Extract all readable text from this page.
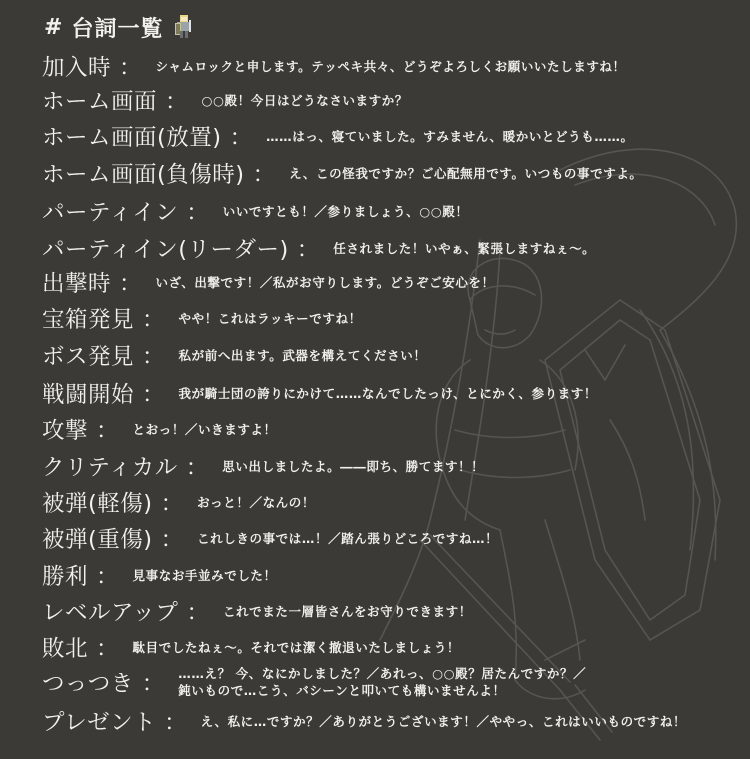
# 台詞一覧
加入時 ： シャムロックと申します。テッペキ共々、どうぞよろしくお願いいたしますね！
ホーム画面 ： ○○殿！今日はどうなさいますか？
ホーム画面(放置) ： ……はっ、寝ていました。すみません、暖かいとどうも……。
ホーム画面(負傷時) ： え、この怪我ですか？ご心配無用です。いつもの事ですよ。
パーティイン ： いいですとも！／参りましょう、○○殿！
パーティイン(リーダー) ： 任されました！いやぁ、緊張しますねぇ～。
出撃時 ： いざ、出撃です！／私がお守りします。どうぞご安心を！
宝箱発見 ： やや！これはラッキーですね！
ボス発見 ： 私が前へ出ます。武器を構えてください！
戦闘開始 ： 我が騎士団の誇りにかけて……なんでしたっけ、とにかく、参ります！
攻撃 ： とおっ！／いきますよ！
クリティカル ： 思い出しましたよ。――即ち、勝てます！！
被弾(軽傷) ： おっと！／なんの！
被弾(重傷) ： これしきの事では…！／踏ん張りどころですね…！
勝利 ： 見事なお手並みでした！
レベルアップ ： これでまた一層皆さんをお守りできます！
敗北 ： 駄目でしたねぇ～。それでは潔く撤退いたしましょう！
つっつき ： ……え？ 今、なにかしました？／あれっ、○○殿？居たんですか？／
鈍いもので…こう、バシーンと叩いても構いませんよ！
プレゼント ： え、私に…ですか？／ありがとうございます！／ややっ、これはいいものですね！
